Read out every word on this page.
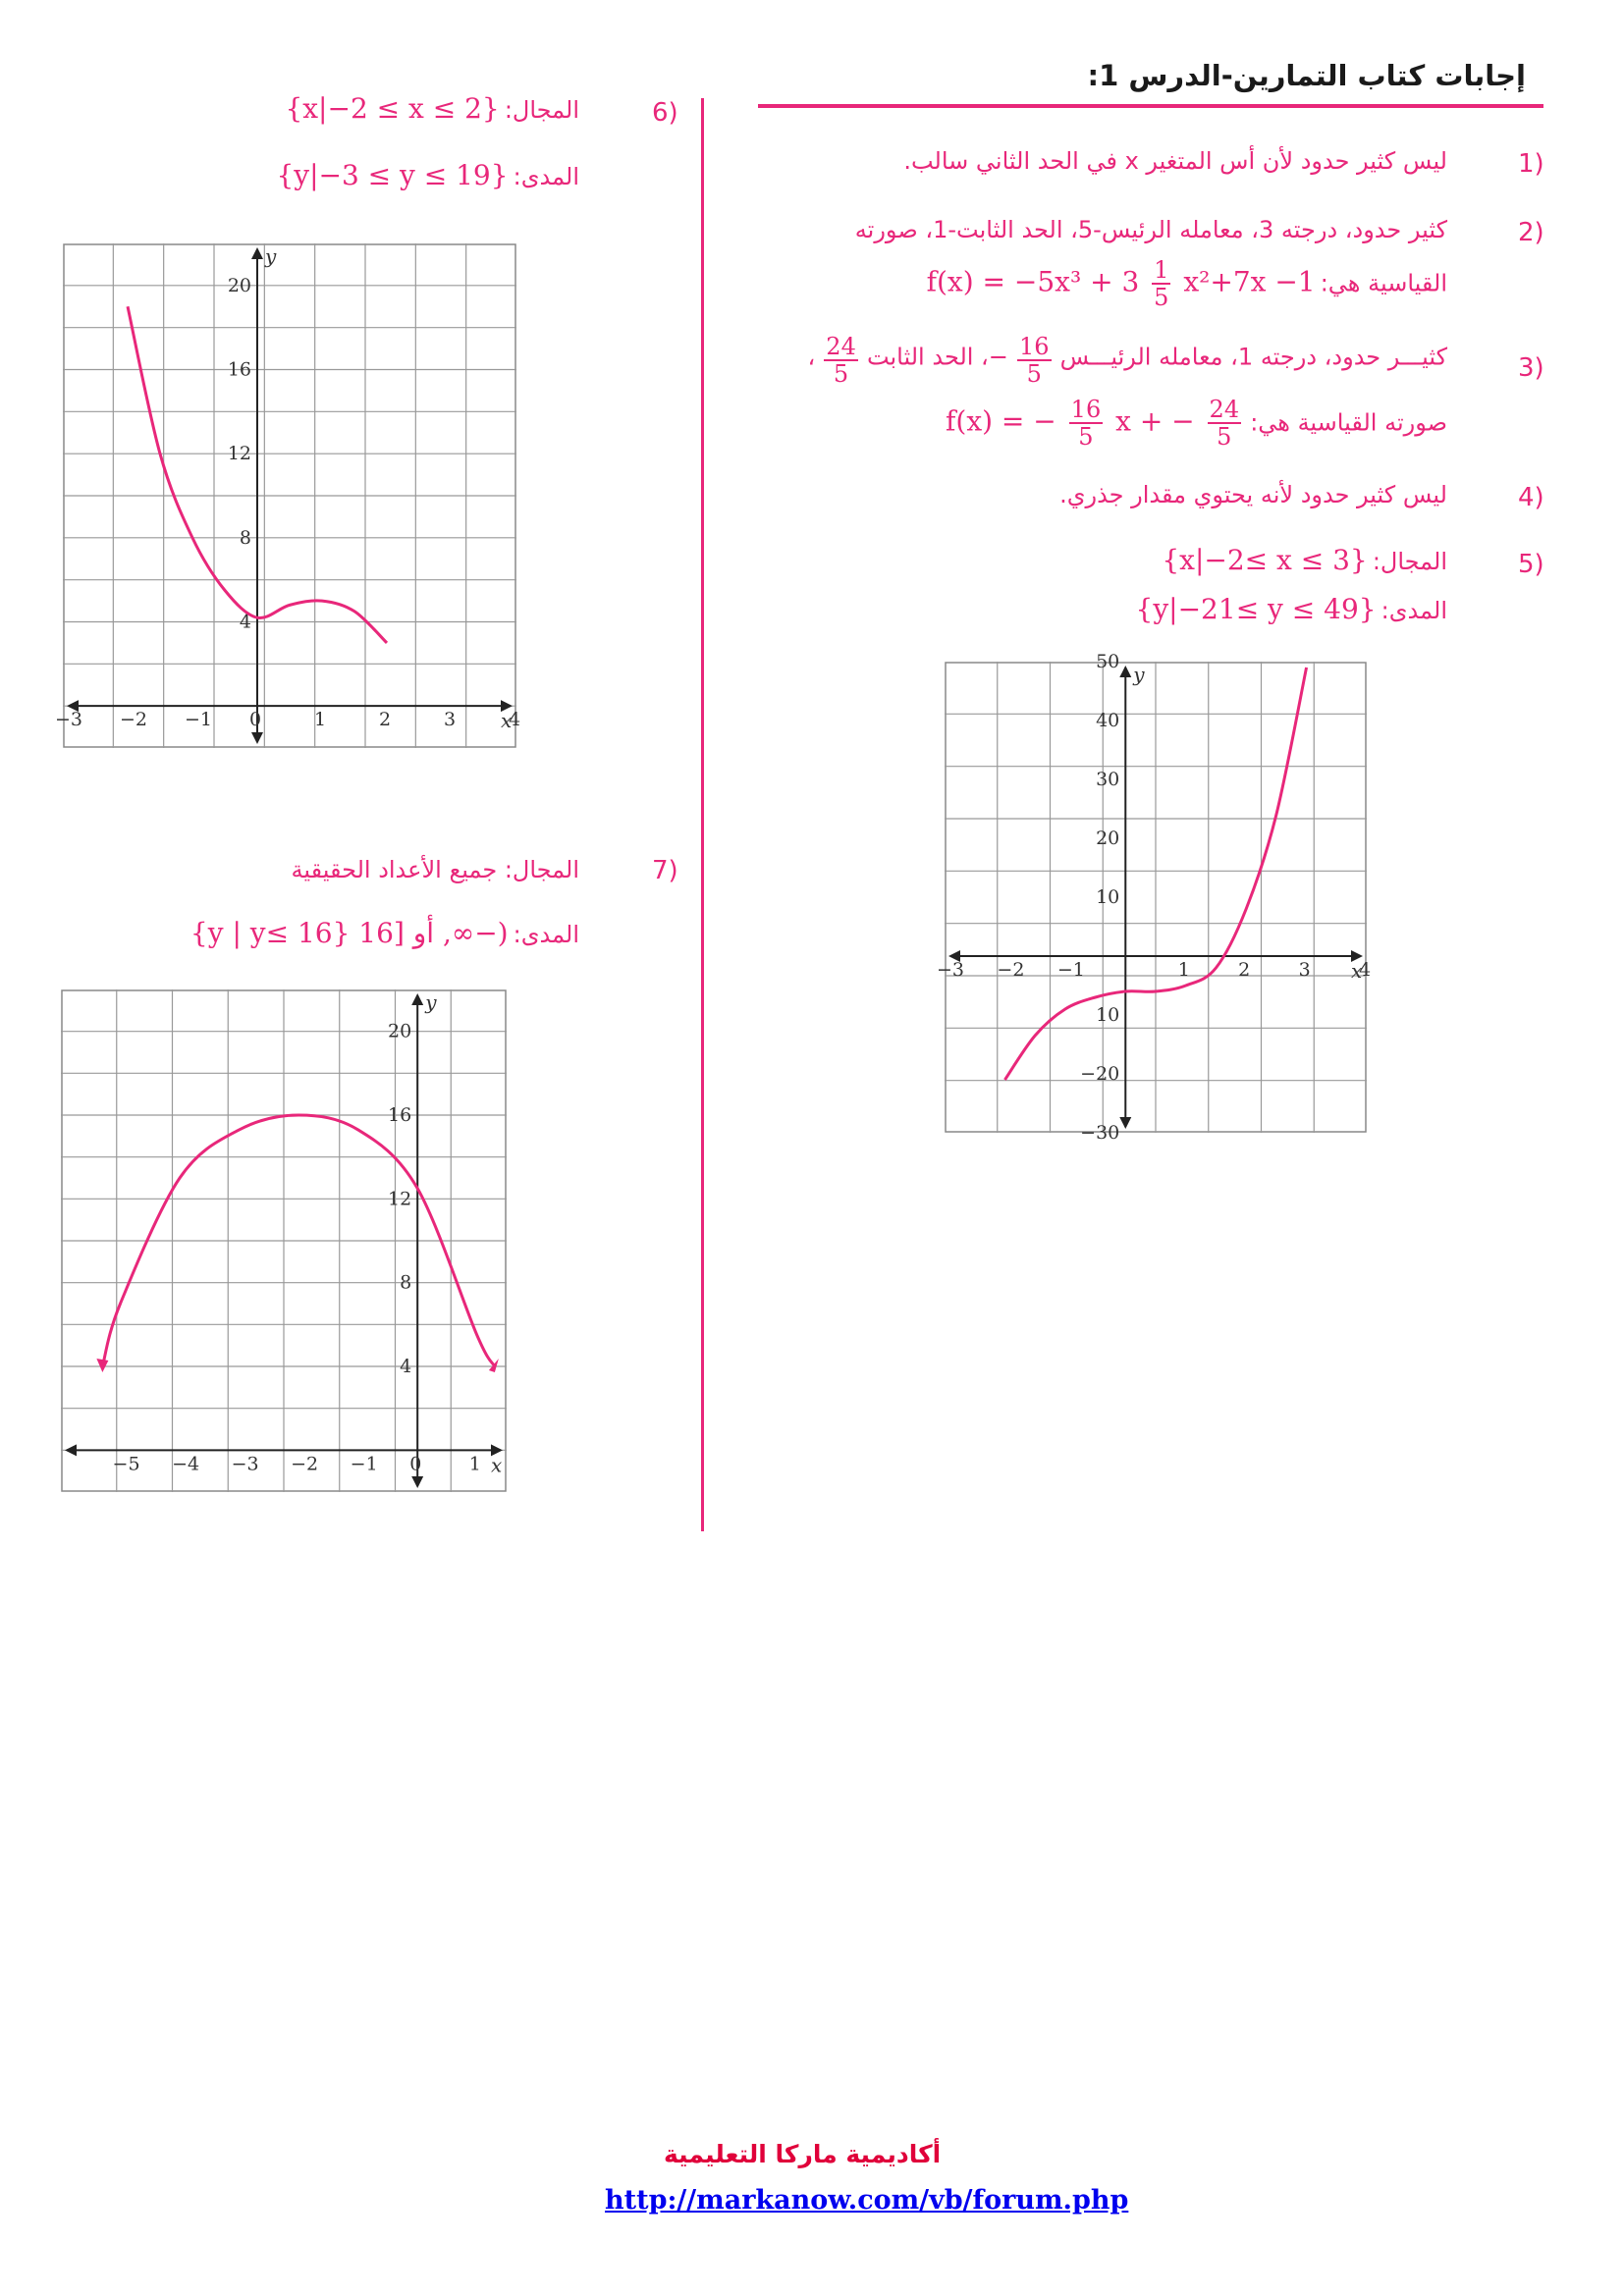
إجابات كتاب التمارين-الدرس 1:
1)
ليس كثير حدود لأن أس المتغير x في الحد الثاني سالب.
2)
كثير حدود، درجته 3، معامله الرئيس-5، الحد الثابت-1، صورته
القياسية هي: $f(x) = -5x^3 + 3 \frac{1}{5} x^2+7x -1$
3)
كثيـــر حدود، درجته 1، معامله الرئيـــس
$\frac{16}{5}$
−، الحد الثابت
$\frac{24}{5}$
،
صورته القياسية هي: f(x) = − $\frac{16}{5}$ x + − $\frac{24}{5}$
4)
ليس كثير حدود لأنه يحتوي مقدار جذري.
5)
المجال: {x|−2≤ x ≤ 3}
المدى: {y|−21≤ y ≤ 49}
6)
المجال: {x|−2 ≤ x ≤ 2}
المدى: {y|−3 ≤ y ≤ 19}
7)
المجال: جميع الأعداد الحقيقية
المدى: {y | y≤ 16} أو [16 ,∞−)
−3 −2 −1	1	2	3	4
50
40
30
20
10
10
−20
−30
x
y
−3 −2 −1 0	1	2	3	4
20
16
12
8
4
x
y
−5 −4 −3 −2 −1 0	1
20
16
12
8
4
x
y
أكاديمية ماركا التعليمية
http://markanow.com/vb/forum.php
